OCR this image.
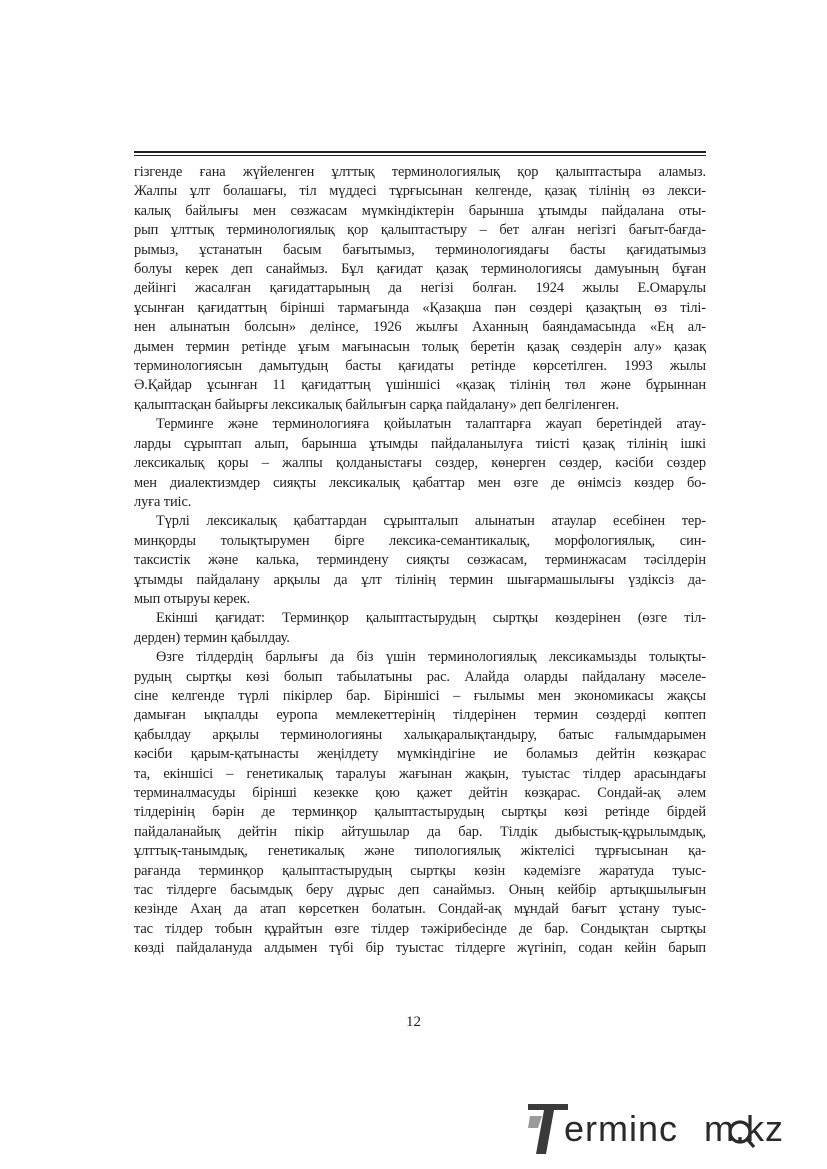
гізгенде ғана жүйеленген ұлттық терминологиялық қор қалыптастыра аламыз.
Жалпы ұлт болашағы, тіл мүддесі тұрғысынан келгенде, қазақ тілінің өз лекси-
калық байлығы мен сөзжасам мүмкіндіктерін барынша ұтымды пайдалана оты-
рып ұлттық терминологиялық қор қалыптастыру – бет алған негізгі бағыт-бағда-
рымыз, ұстанатын басым бағытымыз, терминологиядағы басты қағидатымыз
болуы керек деп санаймыз. Бұл қағидат қазақ терминологиясы дамуының бұған
дейінгі жасалған қағидаттарының да негізі болған. 1924 жылы Е.Омарұлы
ұсынған қағидаттың бірінші тармағында «Қазақша пән сөздері қазақтың өз тілі-
нен алынатын болсын» делінсе, 1926 жылғы Аханның баяндамасында «Ең ал-
дымен термин ретінде ұғым мағынасын толық беретін қазақ сөздерін алу» қазақ
терминологиясын дамытудың басты қағидаты ретінде көрсетілген. 1993 жылы
Ә.Қайдар ұсынған 11 қағидаттың үшіншісі «қазақ тілінің төл және бұрыннан
қалыптасқан байырғы лексикалық байлығын сарқа пайдалану» деп белгіленген.
Терминге және терминологияға қойылатын талаптарға жауап беретіндей атау-
ларды сұрыптап алып, барынша ұтымды пайдаланылуға тиісті қазақ тілінің ішкі
лексикалық қоры – жалпы қолданыстағы сөздер, көнерген сөздер, кәсіби сөздер
мен диалектизмдер сияқты лексикалық қабаттар мен өзге де өнімсіз көздер бо-
луға тиіс.
Түрлі лексикалық қабаттардан сұрыпталып алынатын атаулар есебінен тер-
минқорды толықтырумен бірге лексика-семантикалық, морфологиялық, син-
таксистік және калька, терминдену сияқты сөзжасам, терминжасам тәсілдерін
ұтымды пайдалану арқылы да ұлт тілінің термин шығармашылығы үздіксіз да-
мып отыруы керек.
Екінші қағидат: Терминқор қалыптастырудың сыртқы көздерінен (өзге тіл-
дерден) термин қабылдау.
Өзге тілдердің барлығы да біз үшін терминологиялық лексикамызды толықты-
рудың сыртқы көзі болып табылатыны рас. Алайда оларды пайдалану мәселе-
сіне келгенде түрлі пікірлер бар. Біріншісі – ғылымы мен экономикасы жақсы
дамыған ықпалды еуропа мемлекеттерінің тілдерінен термин сөздерді көптеп
қабылдау арқылы терминологияны халықаралықтандыру, батыс ғалымдарымен
кәсіби қарым-қатынасты жеңілдету мүмкіндігіне ие боламыз дейтін көзқарас
та, екіншісі – генетикалық таралуы жағынан жақын, туыстас тілдер арасындағы
терминалмасуды бірінші кезекке қою қажет дейтін көзқарас. Сондай-ақ әлем
тілдерінің бәрін де терминқор қалыптастырудың сыртқы көзі ретінде бірдей
пайдаланайық дейтін пікір айтушылар да бар. Тілдік дыбыстық-құрылымдық,
ұлттық-танымдық, генетикалық және типологиялық жіктелісі тұрғысынан қа-
рағанда терминқор қалыптастырудың сыртқы көзін кәдемізге жаратуда туыс-
тас тілдерге басымдық беру дұрыс деп санаймыз. Оның кейбір артықшылығын
кезінде Ахаң да атап көрсеткен болатын. Сондай-ақ мұндай бағыт ұстану туыс-
тас тілдер тобын құрайтын өзге тілдер тәжірибесінде де бар. Сондықтан сыртқы
көзді пайдалануда алдымен түбі бір туыстас тілдерге жүгініп, содан кейін барып
12
erminc m.kz
